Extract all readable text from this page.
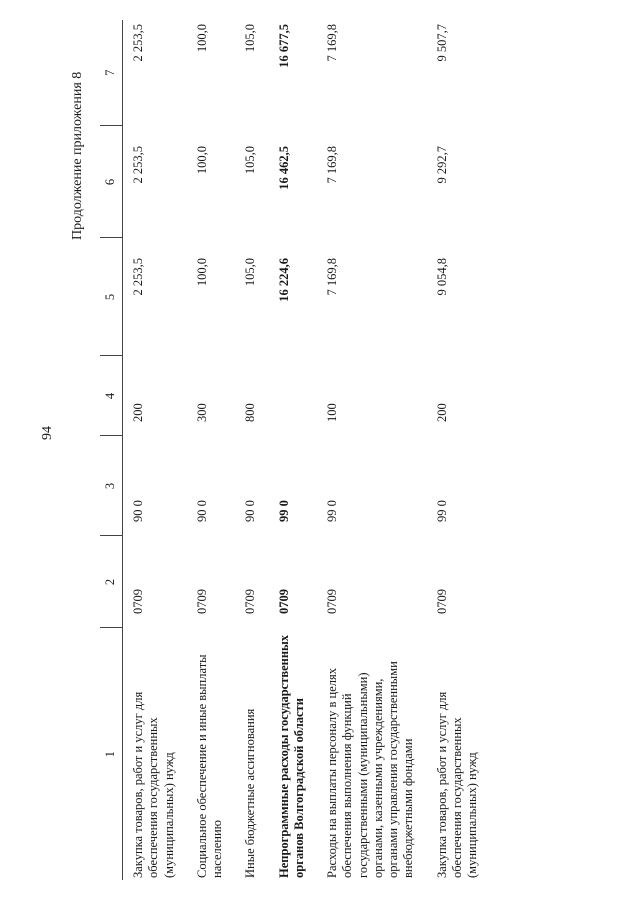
94
Продолжение приложения 8
1	2	3	4	5	6	7
Закупка товаров, работ и услуг для обеспечения государственных (муниципальных) нужд	0709	90 0	200	2 253,5	2 253,5	2 253,5
Социальное обеспечение и иные выплаты населению	0709	90 0	300	100,0	100,0	100,0
Иные бюджетные ассигнования	0709	90 0	800	105,0	105,0	105,0
Непрограммные расходы государственных органов Волгоградской области	0709	99 0		16 224,6	16 462,5	16 677,5
Расходы на выплаты персоналу в целях обеспечения выполнения функций государственными (муниципальными) органами, казенными учреждениями, органами управления государственными внебюджетными фондами	0709	99 0	100	7 169,8	7 169,8	7 169,8
Закупка товаров, работ и услуг для обеспечения государственных (муниципальных) нужд	0709	99 0	200	9 054,8	9 292,7	9 507,7
